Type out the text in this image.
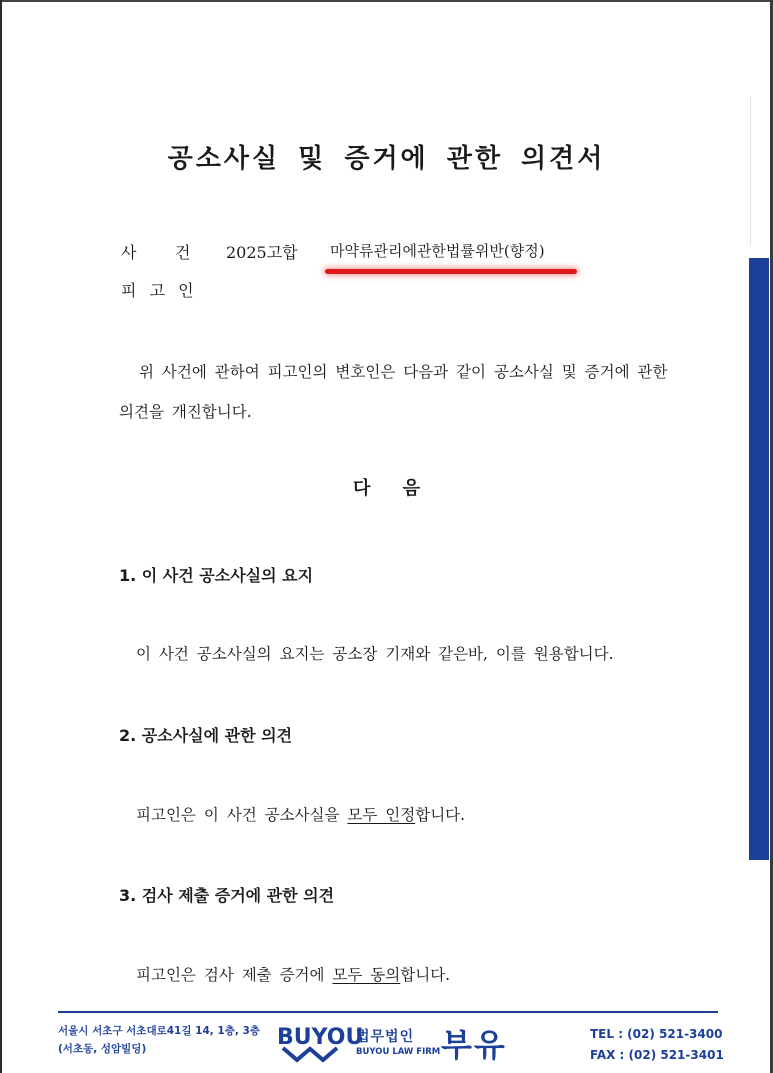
공소사실 및 증거에 관한 의견서
사 건 2025고합 마약류관리에관한법률위반(향정)
피 고 인
위 사건에 관하여 피고인의 변호인은 다음과 같이 공소사실 및 증거에 관한 의견을 개진합니다.
다 음
1. 이 사건 공소사실의 요지
이 사건 공소사실의 요지는 공소장 기재와 같은바, 이를 원용합니다.
2. 공소사실에 관한 의견
피고인은 이 사건 공소사실을 모두 인정합니다.
3. 검사 제출 증거에 관한 의견
피고인은 검사 제출 증거에 모두 동의합니다.
서울시 서초구 서초대로41길 14, 1층, 3층
(서초동, 성암빌딩)	BUYOU
법무법인
BUYOU LAW FIRM 부유	TEL : (02) 521-3400
FAX : (02) 521-3401
